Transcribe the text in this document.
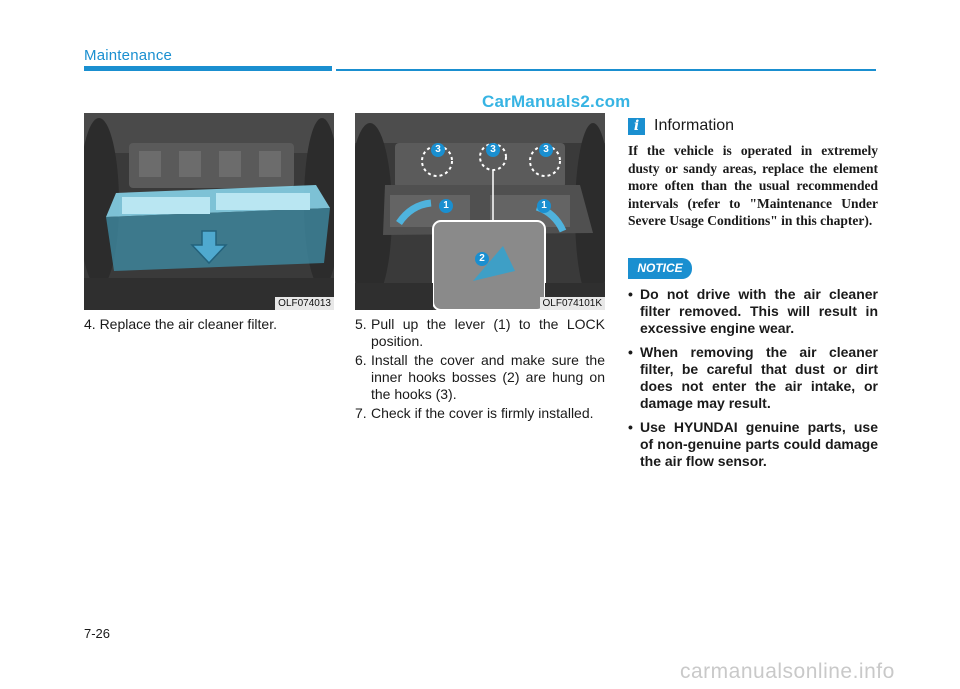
Maintenance
CarManuals2.com
OLF074013
3	3	3
1	1
2
OLF074101K
4. Replace the air cleaner filter.	5. Pull up the lever (1) to the LOCK position.
6. Install the cover and make sure the inner hooks bosses (2) are hung on the hooks (3).
7. Check if the cover is firmly installed.
i Information
If the vehicle is operated in extremely dusty or sandy areas, replace the element more often than the usual recommended intervals (refer to "Maintenance Under Severe Usage Conditions" in this chapter).
NOTICE
• Do not drive with the air cleaner filter removed. This will result in excessive engine wear.
• When removing the air cleaner filter, be careful that dust or dirt does not enter the air intake, or damage may result.
• Use HYUNDAI genuine parts, use of non-genuine parts could damage the air flow sensor.
7-26
carmanualsonline.info
